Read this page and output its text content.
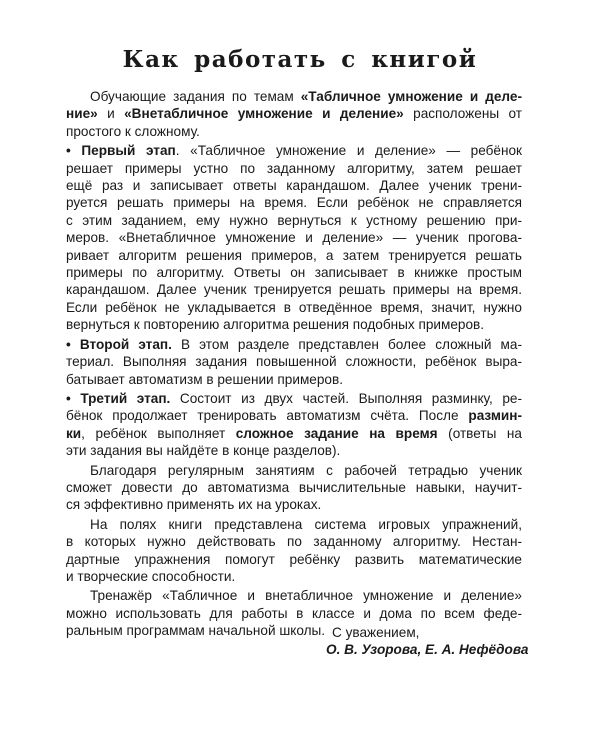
Как работать с книгой

Обучающие задания по темам «Табличное умножение и деле-
ние» и «Внетабличное умножение и деление» расположены от
простого к сложному.

• Первый этап. «Табличное умножение и деление» — ребёнок
решает примеры устно по заданному алгоритму, затем решает
ещё раз и записывает ответы карандашом. Далее ученик трени-
руется решать примеры на время. Если ребёнок не справляется
с этим заданием, ему нужно вернуться к устному решению при-
меров. «Внетабличное умножение и деление» — ученик проговa-
ривает алгоритм решения примеров, а затем тренируется решать
примеры по алгоритму. Ответы он записывает в книжке простым
карандашом. Далее ученик тренируется решать примеры на время.
Если ребёнок не укладывается в отведённое время, значит, нужно
вернуться к повторению алгоритма решения подобных примеров.

• Второй этап. В этом разделе представлен более сложный ма-
териал. Выполняя задания повышенной сложности, ребёнок выра-
батывает автоматизм в решении примеров.

• Третий этап. Состоит из двух частей. Выполняя разминку, ре-
бёнок продолжает тренировать автоматизм счёта. После размин-
ки, ребёнок выполняет сложное задание на время (ответы на
эти задания вы найдёте в конце разделов).

Благодаря регулярным занятиям с рабочей тетрадью ученик
сможет довести до автоматизма вычислительные навыки, научит-
ся эффективно применять их на уроках.

На полях книги представлена система игровых упражнений,
в которых нужно действовать по заданному алгоритму. Нестан-
дартные упражнения помогут ребёнку развить математические
и творческие способности.

Тренажёр «Табличное и внетабличное умножение и деление»
можно использовать для работы в классе и дома по всем феде-
ральным программам начальной школы. С уважением,
О. В. Узорова, Е. А. Нефёдова
